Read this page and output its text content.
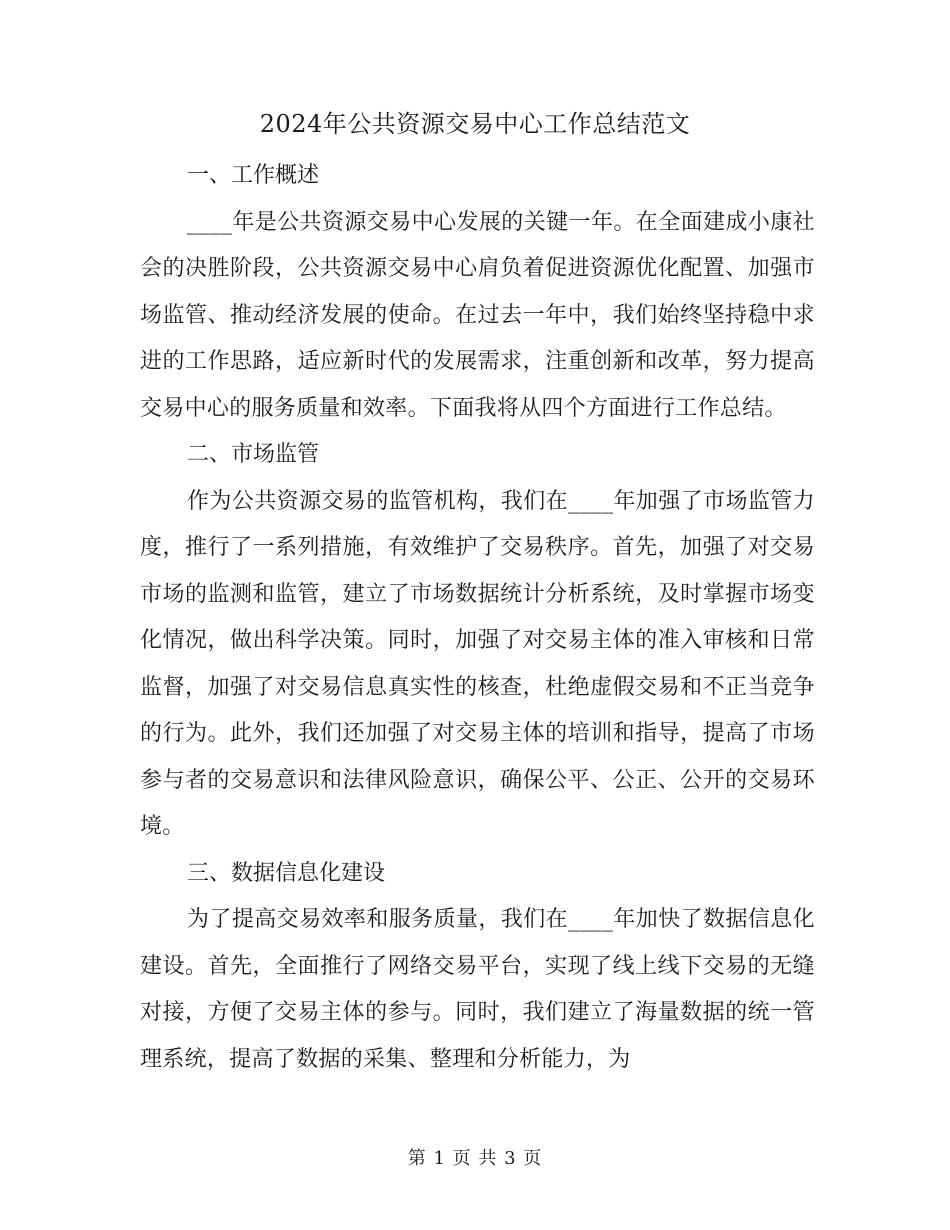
2024年公共资源交易中心工作总结范文

一、工作概述

____年是公共资源交易中心发展的关键一年。在全面建成小康社会的决胜阶段，公共资源交易中心肩负着促进资源优化配置、加强市场监管、推动经济发展的使命。在过去一年中，我们始终坚持稳中求进的工作思路，适应新时代的发展需求，注重创新和改革，努力提高交易中心的服务质量和效率。下面我将从四个方面进行工作总结。

二、市场监管

作为公共资源交易的监管机构，我们在____年加强了市场监管力度，推行了一系列措施，有效维护了交易秩序。首先，加强了对交易市场的监测和监管，建立了市场数据统计分析系统，及时掌握市场变化情况，做出科学决策。同时，加强了对交易主体的准入审核和日常监督，加强了对交易信息真实性的核查，杜绝虚假交易和不正当竞争的行为。此外，我们还加强了对交易主体的培训和指导，提高了市场参与者的交易意识和法律风险意识，确保公平、公正、公开的交易环境。

三、数据信息化建设

为了提高交易效率和服务质量，我们在____年加快了数据信息化建设。首先，全面推行了网络交易平台，实现了线上线下交易的无缝对接，方便了交易主体的参与。同时，我们建立了海量数据的统一管理系统，提高了数据的采集、整理和分析能力，为

第 1 页 共 3 页
